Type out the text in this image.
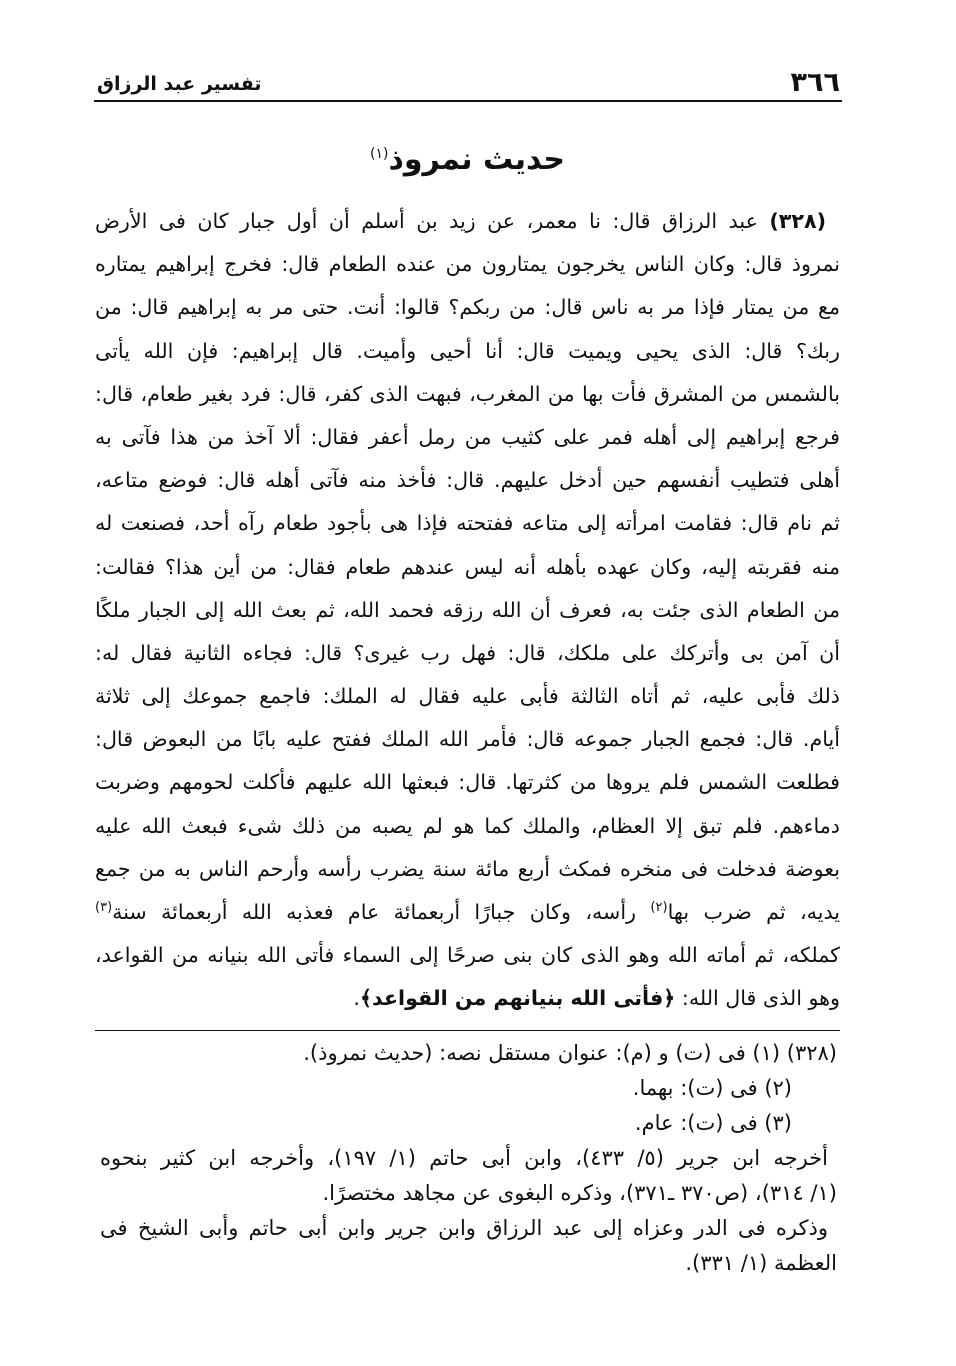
٣٦٦
تفسير عبد الرزاق
حديث نمروذ$^{(١)}$
(٣٢٨) عبد الرزاق قال: نا معمر، عن زيد بن أسلم أن أول جبار كان فى الأرض
نمروذ قال: وكان الناس يخرجون يمتارون من عنده الطعام قال: فخرج إبراهيم يمتاره
مع من يمتار فإذا مر به ناس قال: من ربكم؟ قالوا: أنت. حتى مر به إبراهيم قال: من
ربك؟ قال: الذى يحيى ويميت قال: أنا أحيى وأميت. قال إبراهيم: فإن الله يأتى
بالشمس من المشرق فأت بها من المغرب، فبهت الذى كفر، قال: فرد بغير طعام، قال:
فرجع إبراهيم إلى أهله فمر على كثيب من رمل أعفر فقال: ألا آخذ من هذا فآتى به
أهلى فتطيب أنفسهم حين أدخل عليهم. قال: فأخذ منه فآتى أهله قال: فوضع متاعه،
ثم نام قال: فقامت امرأته إلى متاعه ففتحته فإذا هى بأجود طعام رآه أحد، فصنعت له
منه فقربته إليه، وكان عهده بأهله أنه ليس عندهم طعام فقال: من أين هذا؟ فقالت:
من الطعام الذى جئت به، فعرف أن الله رزقه فحمد الله، ثم بعث الله إلى الجبار ملكًا
أن آمن بى وأتركك على ملكك، قال: فهل رب غيرى؟ قال: فجاءه الثانية فقال له:
ذلك فأبى عليه، ثم أتاه الثالثة فأبى عليه فقال له الملك: فاجمع جموعك إلى ثلاثة
أيام. قال: فجمع الجبار جموعه قال: فأمر الله الملك ففتح عليه بابًا من البعوض قال:
فطلعت الشمس فلم يروها من كثرتها. قال: فبعثها الله عليهم فأكلت لحومهم وضربت
دماءهم. فلم تبق إلا العظام، والملك كما هو لم يصبه من ذلك شىء فبعث الله عليه
بعوضة فدخلت فى منخره فمكث أربع مائة سنة يضرب رأسه وأرحم الناس به من جمع
يديه، ثم ضرب بها$^{(٢)}$ رأسه، وكان جبارًا أربعمائة عام فعذبه الله أربعمائة سنة$^{(٣)}$
كملكه، ثم أماته الله وهو الذى كان بنى صرحًا إلى السماء فأتى الله بنيانه من القواعد،
وهو الذى قال الله: ﴿فأتى الله بنيانهم من القواعد﴾.
(٣٢٨) (١) فى (ت) و (م): عنوان مستقل نصه: (حديث نمروذ).
(٢) فى (ت): بهما.
(٣) فى (ت): عام.
أخرجه ابن جرير (٥/ ٤٣٣)، وابن أبى حاتم (١/ ١٩٧)، وأخرجه ابن كثير بنحوه
(١/ ٣١٤)، (ص٣٧٠ ـ٣٧١)، وذكره البغوى عن مجاهد مختصرًا.
وذكره فى الدر وعزاه إلى عبد الرزاق وابن جرير وابن أبى حاتم وأبى الشيخ فى
العظمة (١/ ٣٣١).
